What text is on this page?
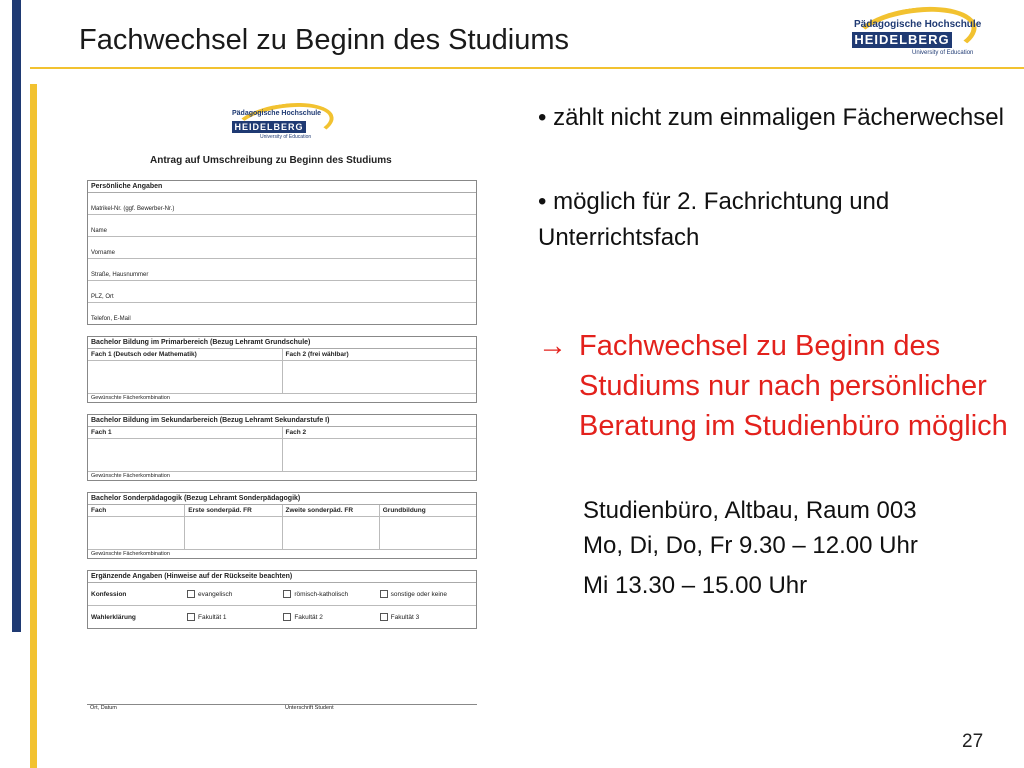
Fachwechsel zu Beginn des Studiums	Pädagogische Hochschule
HEIDELBERG
University of Education
Pädagogische Hochschule
HEIDELBERG
University of Education
Antrag auf Umschreibung zu Beginn des Studiums
Persönliche Angaben
Matrikel-Nr. (ggf. Bewerber-Nr.)
Name
Vorname
Straße, Hausnummer
PLZ, Ort
Telefon, E-Mail
Bachelor Bildung im Primarbereich (Bezug Lehramt Grundschule)
Fach 1 (Deutsch oder Mathematik)	Fach 2 (frei wählbar)
Gewünschte Fächerkombination
Bachelor Bildung im Sekundarbereich (Bezug Lehramt Sekundarstufe I)
Fach 1	Fach 2
Gewünschte Fächerkombination
Bachelor Sonderpädagogik (Bezug Lehramt Sonderpädagogik)
Fach	Erste sonderpäd. FR	Zweite sonderpäd. FR	Grundbildung
Gewünschte Fächerkombination
Ergänzende Angaben (Hinweise auf der Rückseite beachten)
Konfession	evangelisch	römisch-katholisch	sonstige oder keine
Wahlerklärung	Fakultät 1	Fakultät 2	Fakultät 3
Ort, Datum	Unterschrift Student
• zählt nicht zum einmaligen Fächerwechsel
• möglich für 2. Fachrichtung und Unterrichtsfach
→ Fachwechsel zu Beginn des Studiums nur nach persönlicher Beratung im Studienbüro möglich
Studienbüro, Altbau, Raum 003
Mo, Di, Do, Fr 9.30 – 12.00 Uhr
Mi 13.30 – 15.00 Uhr
27
